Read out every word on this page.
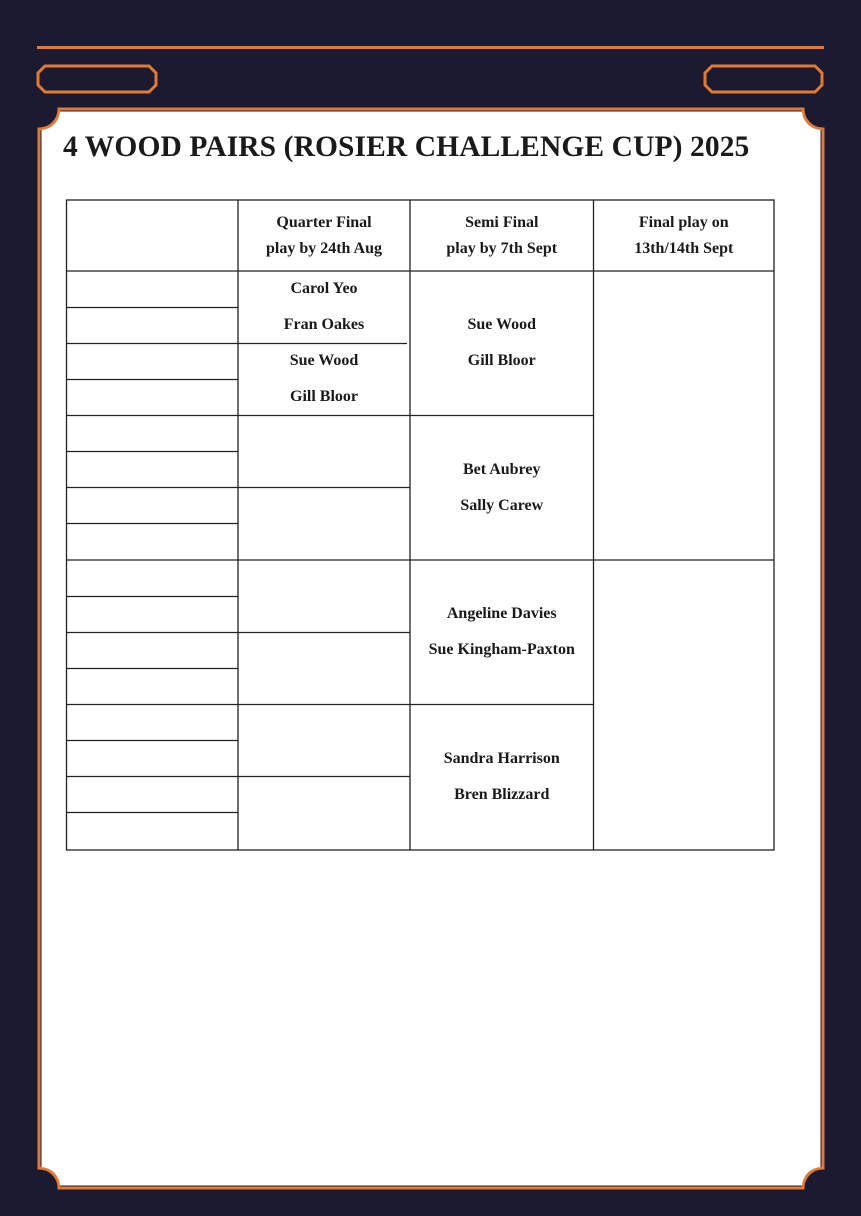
4 WOOD PAIRS (ROSIER CHALLENGE CUP) 2025
Quarter Final
play by 24th Aug
Semi Final
play by 7th Sept
Final play on
13th/14th Sept
Carol Yeo
Fran Oakes
Sue Wood
Gill Bloor
Sue Wood
Gill Bloor
Bet Aubrey
Sally Carew
Angeline Davies
Sue Kingham-Paxton
Sandra Harrison
Bren Blizzard
